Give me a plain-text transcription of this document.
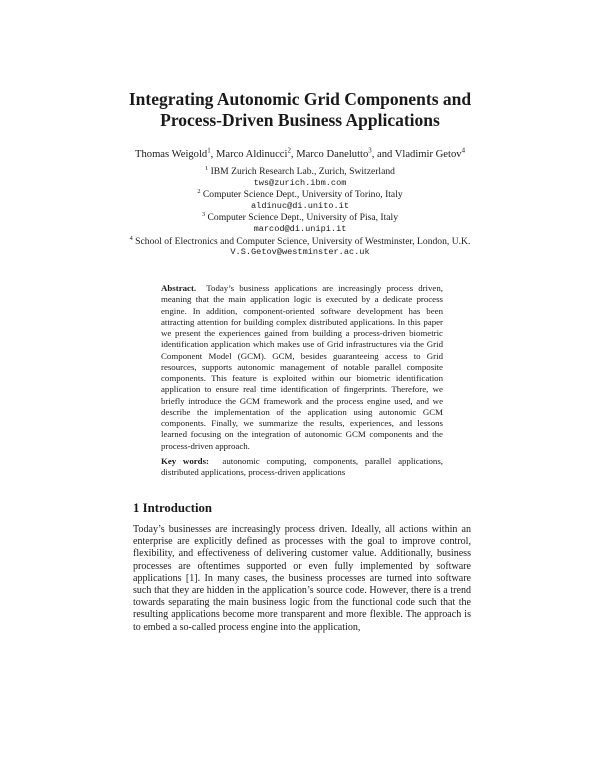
Integrating Autonomic Grid Components and
Process-Driven Business Applications
Thomas Weigold$^1$, Marco Aldinucci$^2$, Marco Danelutto$^3$, and Vladimir Getov$^4$
$^1$ IBM Zurich Research Lab., Zurich, Switzerland
tws@zurich.ibm.com
$^2$ Computer Science Dept., University of Torino, Italy
aldinuc@di.unito.it
$^3$ Computer Science Dept., University of Pisa, Italy
marcod@di.unipi.it
$^4$ School of Electronics and Computer Science, University of Westminster, London, U.K.
V.S.Getov@westminster.ac.uk

Abstract. Today’s business applications are increasingly process driven, meaning that the main application logic is executed by a dedicate process engine. In addition, component-oriented software development has been attracting attention for building complex distributed applications. In this paper we present the experiences gained from building a process-driven biometric identification application which makes use of Grid infrastructures via the Grid Component Model (GCM). GCM, besides guaranteeing access to Grid resources, supports autonomic management of notable parallel composite components. This feature is exploited within our biometric identification application to ensure real time identification of fingerprints. Therefore, we briefly introduce the GCM framework and the process engine used, and we describe the implementation of the application using autonomic GCM components. Finally, we summarize the results, experiences, and lessons learned focusing on the integration of autonomic GCM components and the process-driven approach.

Key words: autonomic computing, components, parallel applications, distributed applications, process-driven applications
1 Introduction

Today’s businesses are increasingly process driven. Ideally, all actions within an enterprise are explicitly defined as processes with the goal to improve control, flexibility, and effectiveness of delivering customer value. Additionally, business processes are oftentimes supported or even fully implemented by software applications [1]. In many cases, the business processes are turned into software such that they are hidden in the application’s source code. However, there is a trend towards separating the main business logic from the functional code such that the resulting applications become more transparent and more flexible. The approach is to embed a so-called process engine into the application,
